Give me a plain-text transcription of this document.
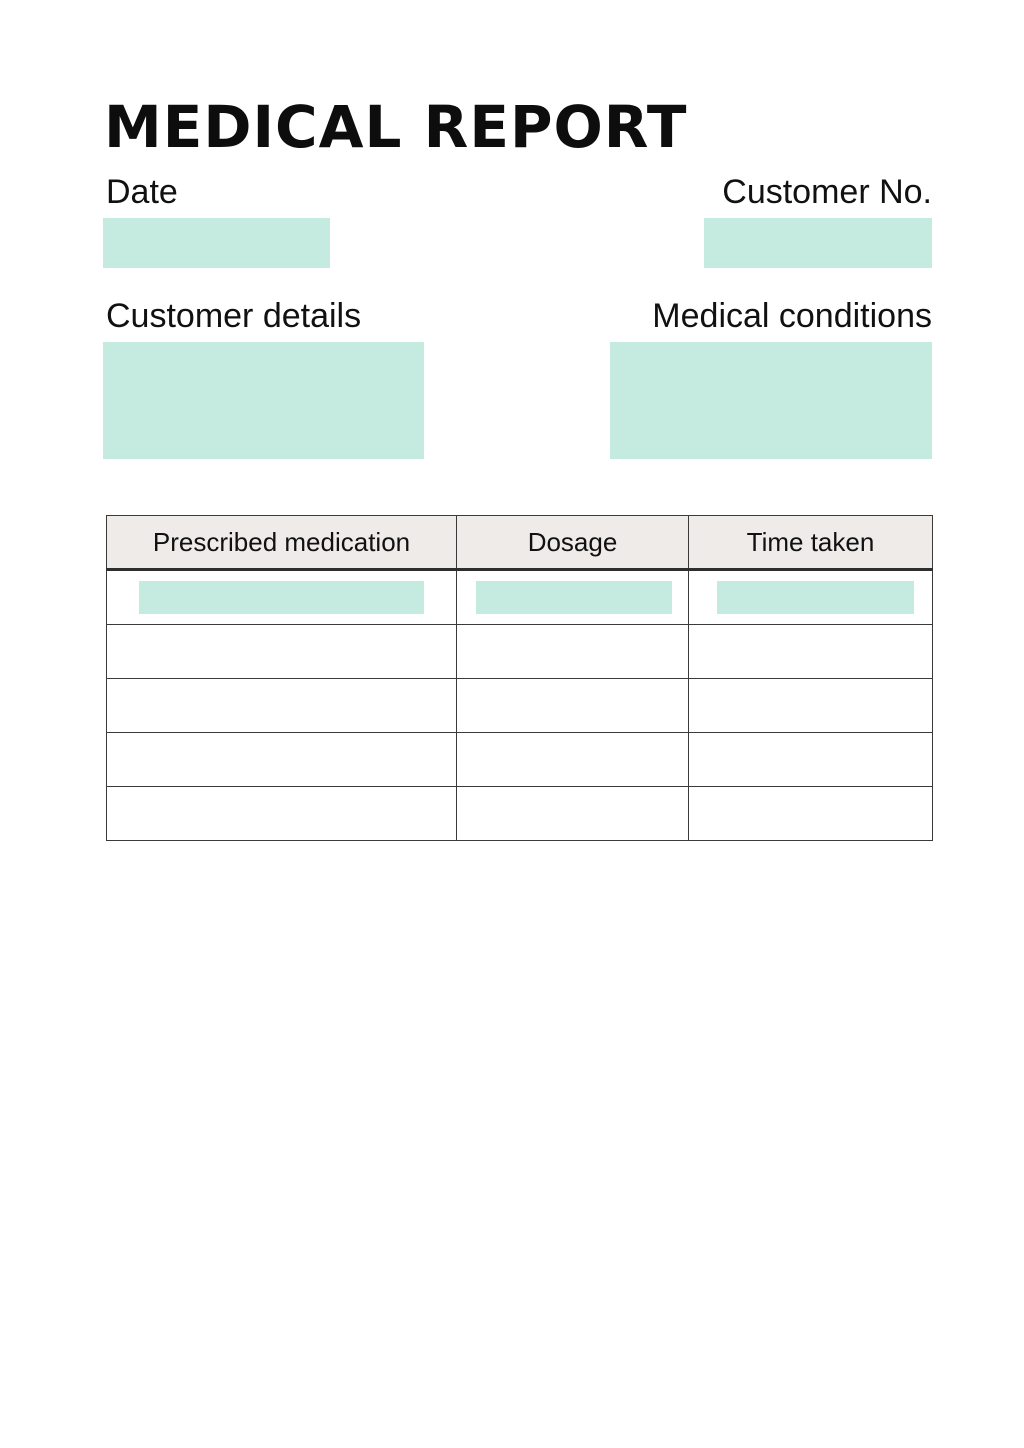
MEDICAL REPORT
Date	Customer No.
Customer details	Medical conditions
Prescribed medication	Dosage	Time taken
